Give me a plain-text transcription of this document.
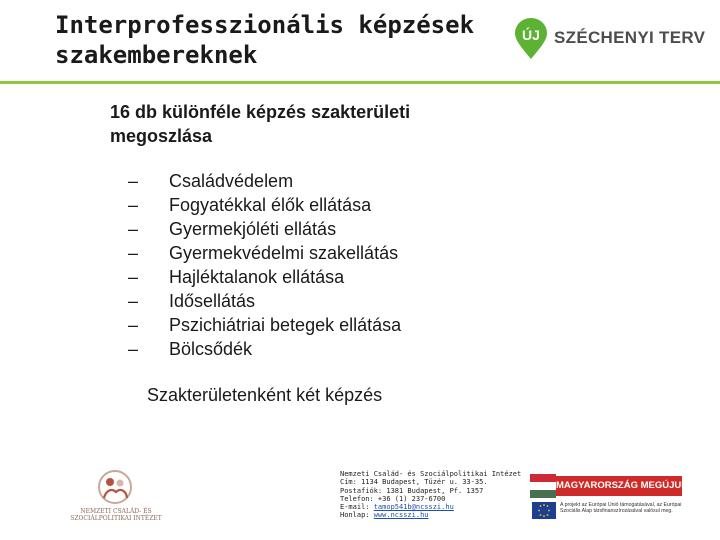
Interprofesszionális képzések
szakembereknek
ÚJ SZÉCHENYI TERV
16 db különféle képzés szakterületi
megoszlása
– Családvédelem
– Fogyatékkal élők ellátása
– Gyermekjóléti ellátás
– Gyermekvédelmi szakellátás
– Hajléktalanok ellátása
– Idősellátás
– Pszichiátriai betegek ellátása
– Bölcsődék
Szakterületenként két képzés
NEMZETI CSALÁD- ÉS
SZOCIÁLPOLITIKAI INTÉZET
Nemzeti Család- és Szociálpolitikai Intézet
Cím: 1134 Budapest, Tüzér u. 33-35.
Postafiók: 1381 Budapest, Pf. 1357
Telefon: +36 (1) 237-6700
E-mail: tamop541b@ncsszi.hu
Honlap: www.ncsszi.hu
MAGYARORSZÁG MEGÚJUL
A projekt az Európai Unió támogatásával, az Európai
Szociális Alap társfinanszírozásával valósul meg.
